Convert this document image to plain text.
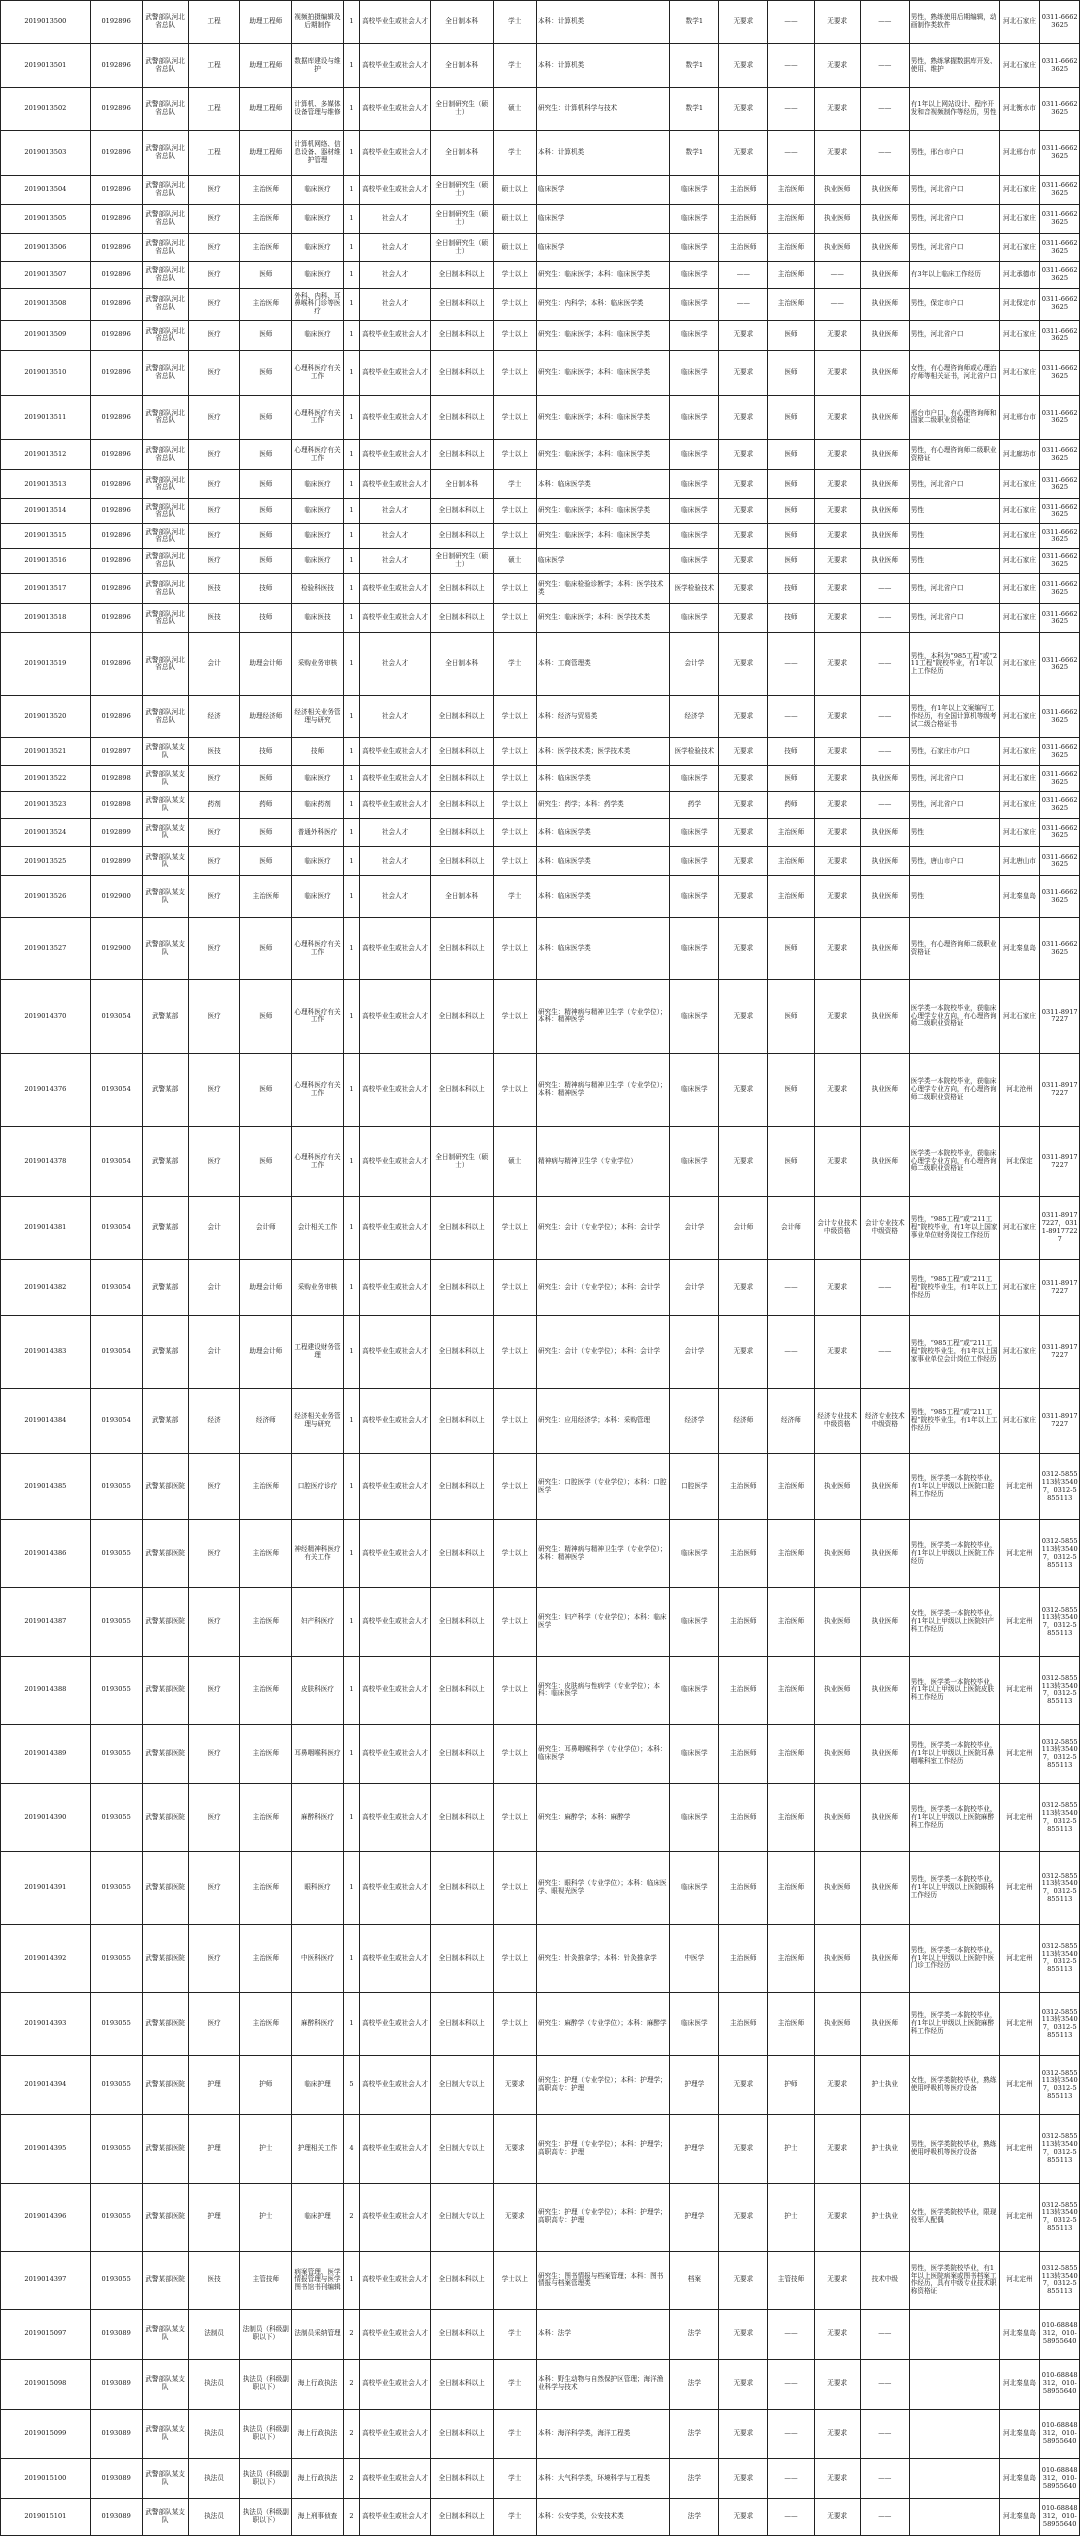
2019013500	0192896	武警部队河北省总队	工程	助理工程师	视频拍摄编辑及后期制作	1	高校毕业生或社会人才	全日制本科	学士	本科：计算机类	数学1	无要求	——	无要求	——	男性，熟练使用后期编辑，动画制作类软件	河北石家庄	0311-66623625
2019013501	0192896	武警部队河北省总队	工程	助理工程师	数据库建设与维护	1	高校毕业生或社会人才	全日制本科	学士	本科：计算机类	数学1	无要求	——	无要求	——	男性，熟练掌握数据库开发、使用、维护	河北石家庄	0311-66623625
2019013502	0192896	武警部队河北省总队	工程	助理工程师	计算机、多媒体设备管理与维修	1	高校毕业生或社会人才	全日制研究生（硕士）	硕士	研究生：计算机科学与技术	数学1	无要求	——	无要求	——	有1年以上网站设计、程序开发和音视频制作等经历，男性	河北衡水市	0311-66623625
2019013503	0192896	武警部队河北省总队	工程	助理工程师	计算机网络、信息设备、器材维护管理	1	高校毕业生或社会人才	全日制本科	学士	本科：计算机类	数学1	无要求	——	无要求	——	男性，邢台市户口	河北邢台市	0311-66623625
2019013504	0192896	武警部队河北省总队	医疗	主治医师	临床医疗	1	高校毕业生或社会人才	全日制研究生（硕士）	硕士以上	临床医学	临床医学	主治医师	主治医师	执业医师	执业医师	男性，河北省户口	河北石家庄	0311-66623625
2019013505	0192896	武警部队河北省总队	医疗	主治医师	临床医疗	1	社会人才	全日制研究生（硕士）	硕士以上	临床医学	临床医学	主治医师	主治医师	执业医师	执业医师	男性，河北省户口	河北石家庄	0311-66623625
2019013506	0192896	武警部队河北省总队	医疗	主治医师	临床医疗	1	社会人才	全日制研究生（硕士）	硕士以上	临床医学	临床医学	主治医师	主治医师	执业医师	执业医师	男性，河北省户口	河北石家庄	0311-66623625
2019013507	0192896	武警部队河北省总队	医疗	医师	临床医疗	1	社会人才	全日制本科以上	学士以上	研究生：临床医学；本科：临床医学类	临床医学	——	主治医师	——	执业医师	有3年以上临床工作经历	河北承德市	0311-66623625
2019013508	0192896	武警部队河北省总队	医疗	主治医师	外科、内科、耳鼻喉科门诊等医疗	1	社会人才	全日制本科以上	学士以上	研究生：内科学；本科：临床医学类	临床医学	——	主治医师	——	执业医师	男性，保定市户口	河北保定市	0311-66623625
2019013509	0192896	武警部队河北省总队	医疗	医师	临床医疗	1	高校毕业生或社会人才	全日制本科以上	学士以上	研究生：临床医学；本科：临床医学类	临床医学	无要求	医师	无要求	执业医师	男性，河北省户口	河北石家庄	0311-66623625
2019013510	0192896	武警部队河北省总队	医疗	医师	心理科医疗有关工作	1	高校毕业生或社会人才	全日制本科以上	学士以上	研究生：临床医学；本科：临床医学类	临床医学	无要求	医师	无要求	执业医师	女性，有心理咨询师或心理治疗师等相关证书，河北省户口	河北石家庄	0311-66623625
2019013511	0192896	武警部队河北省总队	医疗	医师	心理科医疗有关工作	1	高校毕业生或社会人才	全日制本科以上	学士以上	研究生：临床医学；本科：临床医学类	临床医学	无要求	医师	无要求	执业医师	邢台市户口，有心理咨询师和国家二级职业资格证	河北邢台市	0311-66623625
2019013512	0192896	武警部队河北省总队	医疗	医师	心理科医疗有关工作	1	高校毕业生或社会人才	全日制本科以上	学士以上	研究生：临床医学；本科：临床医学类	临床医学	无要求	医师	无要求	执业医师	男性，有心理咨询师二级职业资格证	河北廊坊市	0311-66623625
2019013513	0192896	武警部队河北省总队	医疗	医师	临床医疗	1	高校毕业生或社会人才	全日制本科	学士	本科：临床医学类	临床医学	无要求	医师	无要求	执业医师	男性，河北省户口	河北石家庄	0311-66623625
2019013514	0192896	武警部队河北省总队	医疗	医师	临床医疗	1	社会人才	全日制本科以上	学士以上	研究生：临床医学；本科：临床医学类	临床医学	无要求	医师	无要求	执业医师	男性	河北石家庄	0311-66623625
2019013515	0192896	武警部队河北省总队	医疗	医师	临床医疗	1	社会人才	全日制本科以上	学士以上	研究生：临床医学；本科：临床医学类	临床医学	无要求	医师	无要求	执业医师	男性	河北石家庄	0311-66623625
2019013516	0192896	武警部队河北省总队	医疗	医师	临床医疗	1	社会人才	全日制研究生（硕士）	硕士	临床医学	临床医学	无要求	医师	无要求	执业医师	男性	河北石家庄	0311-66623625
2019013517	0192896	武警部队河北省总队	医技	技师	检验科医技	1	高校毕业生或社会人才	全日制本科以上	学士以上	研究生：临床检验诊断学；本科：医学技术类	医学检验技术	无要求	技师	无要求	——	男性，河北省户口	河北石家庄	0311-66623625
2019013518	0192896	武警部队河北省总队	医技	技师	临床医技	1	高校毕业生或社会人才	全日制本科以上	学士以上	研究生：临床医学；本科：医学技术类	临床医学	无要求	技师	无要求	——	男性，河北省户口	河北石家庄	0311-66623625
2019013519	0192896	武警部队河北省总队	会计	助理会计师	采购业务审核	1	社会人才	全日制本科	学士	本科：工商管理类	会计学	无要求	——	无要求	——	男性，本科为“985工程”或“211工程”院校毕业，有1年以上工作经历	河北石家庄	0311-66623625
2019013520	0192896	武警部队河北省总队	经济	助理经济师	经济相关业务管理与研究	1	社会人才	全日制本科以上	学士以上	本科：经济与贸易类	经济学	无要求	——	无要求	——	男性，有1年以上文案编写工作经历，有全国计算机等级考试二级合格证书	河北石家庄	0311-66623625
2019013521	0192897	武警部队某支队	医技	技师	技师	1	高校毕业生或社会人才	全日制本科以上	学士以上	本科：医学技术类；医学技术类	医学检验技术	无要求	技师	无要求	——	男性，石家庄市户口	河北石家庄	0311-66623625
2019013522	0192898	武警部队某支队	医疗	医师	临床医疗	1	高校毕业生或社会人才	全日制本科以上	学士以上	本科：临床医学类	临床医学	无要求	医师	无要求	执业医师	男性，河北省户口	河北石家庄	0311-66623625
2019013523	0192898	武警部队某支队	药剂	药师	临床药剂	1	高校毕业生或社会人才	全日制本科以上	学士以上	研究生：药学；本科：药学类	药学	无要求	药师	无要求	——	男性，河北省户口	河北石家庄	0311-66623625
2019013524	0192899	武警部队某支队	医疗	医师	普通外科医疗	1	社会人才	全日制本科以上	学士以上	本科：临床医学类	临床医学	无要求	主治医师	无要求	执业医师	男性	河北石家庄	0311-66623625
2019013525	0192899	武警部队某支队	医疗	医师	临床医疗	1	社会人才	全日制本科以上	学士以上	本科：临床医学类	临床医学	无要求	主治医师	无要求	执业医师	男性，唐山市户口	河北唐山市	0311-66623625
2019013526	0192900	武警部队某支队	医疗	主治医师	临床医疗	1	社会人才	全日制本科	学士	本科：临床医学类	临床医学	无要求	主治医师	无要求	执业医师	男性	河北秦皇岛	0311-66623625
2019013527	0192900	武警部队某支队	医疗	医师	心理科医疗有关工作	1	高校毕业生或社会人才	全日制本科以上	学士以上	本科：临床医学类	临床医学	无要求	医师	无要求	执业医师	男性，有心理咨询师二级职业资格证	河北秦皇岛	0311-66623625
2019014370	0193054	武警某部	医疗	医师	心理科医疗有关工作	1	高校毕业生或社会人才	全日制本科以上	学士以上	研究生：精神病与精神卫生学（专业学位）；本科：精神医学	临床医学	无要求	医师	无要求	执业医师	医学类一本院校毕业，获临床心理学专业方向，有心理咨询师二级职业资格证	河北石家庄	0311-89177227
2019014376	0193054	武警某部	医疗	医师	心理科医疗有关工作	1	高校毕业生或社会人才	全日制本科以上	学士以上	研究生：精神病与精神卫生学（专业学位）；本科：精神医学	临床医学	无要求	医师	无要求	执业医师	医学类一本院校毕业，获临床心理学专业方向，有心理咨询师二级职业资格证	河北沧州	0311-89177227
2019014378	0193054	武警某部	医疗	医师	心理科医疗有关工作	1	高校毕业生或社会人才	全日制研究生（硕士）	硕士	精神病与精神卫生学（专业学位）	临床医学	无要求	医师	无要求	执业医师	医学类一本院校毕业，获临床心理学专业方向，有心理咨询师二级职业资格证	河北保定	0311-89177227
2019014381	0193054	武警某部	会计	会计师	会计相关工作	1	高校毕业生或社会人才	全日制本科以上	学士以上	研究生：会计（专业学位）；本科：会计学	会计学	会计师	会计师	会计专业技术中级资格	会计专业技术中级资格	男性，“985工程”或“211工程”院校毕业，有1年以上国家事业单位财务岗位工作经历	河北石家庄	0311-89177227，0311-89177227
2019014382	0193054	武警某部	会计	助理会计师	采购业务审核	1	高校毕业生或社会人才	全日制本科以上	学士以上	研究生：会计（专业学位）；本科：会计学	会计学	无要求	——	无要求	——	男性，“985工程”或“211工程”院校毕业生，有1年以上工作经历	河北石家庄	0311-89177227
2019014383	0193054	武警某部	会计	助理会计师	工程建设财务管理	1	高校毕业生或社会人才	全日制本科以上	学士以上	研究生：会计（专业学位）；本科：会计学	会计学	无要求	——	无要求	——	男性，“985工程”或“211工程”院校毕业生，有1年以上国家事业单位会计岗位工作经历	河北石家庄	0311-89177227
2019014384	0193054	武警某部	经济	经济师	经济相关业务管理与研究	1	高校毕业生或社会人才	全日制本科以上	学士以上	研究生：应用经济学；本科：采购管理	经济学	经济师	经济师	经济专业技术中级资格	经济专业技术中级资格	男性，“985工程”或“211工程”院校毕业生，有1年以上工作经历	河北石家庄	0311-89177227
2019014385	0193055	武警某部医院	医疗	主治医师	口腔医疗诊疗	1	高校毕业生或社会人才	全日制本科以上	学士以上	研究生：口腔医学（专业学位）；本科：口腔医学	口腔医学	主治医师	主治医师	执业医师	执业医师	男性，医学类一本院校毕业，有1年以上甲级以上医院口腔科工作经历	河北定州	0312-5855113转35407，0312-5855113
2019014386	0193055	武警某部医院	医疗	主治医师	神经精神科医疗有关工作	1	高校毕业生或社会人才	全日制本科以上	学士以上	研究生：精神病与精神卫生学（专业学位）；本科：精神医学	临床医学	主治医师	主治医师	执业医师	执业医师	男性，医学类一本院校毕业，有1年以上甲级以上医院工作经历	河北定州	0312-5855113转35407，0312-5855113
2019014387	0193055	武警某部医院	医疗	主治医师	妇产科医疗	1	高校毕业生或社会人才	全日制本科以上	学士以上	研究生：妇产科学（专业学位）；本科：临床医学	临床医学	主治医师	主治医师	执业医师	执业医师	女性，医学类一本院校毕业，有1年以上甲级以上医院妇产科工作经历	河北定州	0312-5855113转35407，0312-5855113
2019014388	0193055	武警某部医院	医疗	主治医师	皮肤科医疗	1	高校毕业生或社会人才	全日制本科以上	学士以上	研究生：皮肤病与性病学（专业学位）；本科：临床医学	临床医学	主治医师	主治医师	执业医师	执业医师	男性，医学类一本院校毕业，有1年以上甲级以上医院皮肤科工作经历	河北定州	0312-5855113转35407，0312-5855113
2019014389	0193055	武警某部医院	医疗	主治医师	耳鼻咽喉科医疗	1	高校毕业生或社会人才	全日制本科以上	学士以上	研究生：耳鼻咽喉科学（专业学位）；本科：临床医学	临床医学	主治医师	主治医师	执业医师	执业医师	男性，医学类一本院校毕业，有1年以上甲级以上医院耳鼻咽喉科室工作经历	河北定州	0312-5855113转35407，0312-5855113
2019014390	0193055	武警某部医院	医疗	主治医师	麻醉科医疗	1	高校毕业生或社会人才	全日制本科以上	学士以上	研究生：麻醉学；本科：麻醉学	临床医学	主治医师	主治医师	执业医师	执业医师	男性，医学类一本院校毕业，有1年以上甲级以上医院麻醉科工作经历	河北定州	0312-5855113转35407，0312-5855113
2019014391	0193055	武警某部医院	医疗	主治医师	眼科医疗	1	高校毕业生或社会人才	全日制本科以上	学士以上	研究生：眼科学（专业学位）；本科：临床医学、眼视光医学	临床医学	主治医师	主治医师	执业医师	执业医师	男性，医学类一本院校毕业，有1年以上甲级以上医院眼科工作经历	河北定州	0312-5855113转35407，0312-5855113
2019014392	0193055	武警某部医院	医疗	主治医师	中医科医疗	1	高校毕业生或社会人才	全日制本科以上	学士以上	研究生：针灸推拿学；本科：针灸推拿学	中医学	主治医师	主治医师	执业医师	执业医师	男性，医学类一本院校毕业，有1年以上甲级以上医院中医门诊工作经历	河北定州	0312-5855113转35407，0312-5855113
2019014393	0193055	武警某部医院	医疗	主治医师	麻醉科医疗	1	高校毕业生或社会人才	全日制本科以上	学士以上	研究生：麻醉学（专业学位）；本科：麻醉学	临床医学	主治医师	主治医师	执业医师	执业医师	男性，医学类一本院校毕业，有1年以上甲级以上医院麻醉科工作经历	河北定州	0312-5855113转35407，0312-5855113
2019014394	0193055	武警某部医院	护理	护师	临床护理	5	高校毕业生或社会人才	全日制大专以上	无要求	研究生：护理（专业学位）；本科：护理学；高职高专：护理	护理学	无要求	护师	无要求	护士执业	女性，医学类院校毕业，熟练使用呼吸机等医疗设备	河北定州	0312-5855113转35407，0312-5855113
2019014395	0193055	武警某部医院	护理	护士	护理相关工作	4	高校毕业生或社会人才	全日制大专以上	无要求	研究生：护理（专业学位）；本科：护理学；高职高专：护理	护理学	无要求	护士	无要求	护士执业	男性，医学类院校毕业，熟练使用呼吸机等医疗设备	河北定州	0312-5855113转35407，0312-5855113
2019014396	0193055	武警某部医院	护理	护士	临床护理	2	高校毕业生或社会人才	全日制大专以上	无要求	研究生：护理（专业学位）；本科：护理学；高职高专：护理	护理学	无要求	护士	无要求	护士执业	女性，医学类院校毕业，限现役军人配偶	河北定州	0312-5855113转35407，0312-5855113
2019014397	0193055	武警某部医院	医技	主管技师	病案管理、医学情报管理与医学图书馆书刊编辑	1	高校毕业生或社会人才	全日制本科以上	学士以上	研究生：图书情报与档案管理；本科：图书情报与档案管理类	档案	无要求	主管技师	无要求	技术中级	男性，医学类院校毕业，有1年以上医院病案或图书档案工作经历，具有中级专业技术职称资格证	河北定州	0312-5855113转35407，0312-5855113
2019015097	0193089	武警部队某支队	法制员	法制员（科级副职以下）	法制员采纳管理	2	高校毕业生或社会人才	全日制本科以上	学士	本科：法学	法学	无要求	——	无要求	——		河北秦皇岛	010-68848312，010-58955640
2019015098	0193089	武警部队某支队	执法员	执法员（科级副职以下）	海上行政执法	2	高校毕业生或社会人才	全日制本科以上	学士	本科：野生动物与自然保护区管理；海洋渔业科学与技术	法学	无要求	——	无要求	——		河北秦皇岛	010-68848312，010-58955640
2019015099	0193089	武警部队某支队	执法员	执法员（科级副职以下）	海上行政执法	2	高校毕业生或社会人才	全日制本科以上	学士	本科：海洋科学类，海洋工程类	法学	无要求	——	无要求	——		河北秦皇岛	010-68848312，010-58955640
2019015100	0193089	武警部队某支队	执法员	执法员（科级副职以下）	海上行政执法	2	高校毕业生或社会人才	全日制本科以上	学士	本科：大气科学类，环境科学与工程类	法学	无要求	——	无要求	——		河北秦皇岛	010-68848312，010-58955640
2019015101	0193089	武警部队某支队	执法员	执法员（科级副职以下）	海上刑事侦查	2	高校毕业生或社会人才	全日制本科以上	学士	本科：公安学类，公安技术类	法学	无要求	——	无要求	——		河北秦皇岛	010-68848312，010-58955640
